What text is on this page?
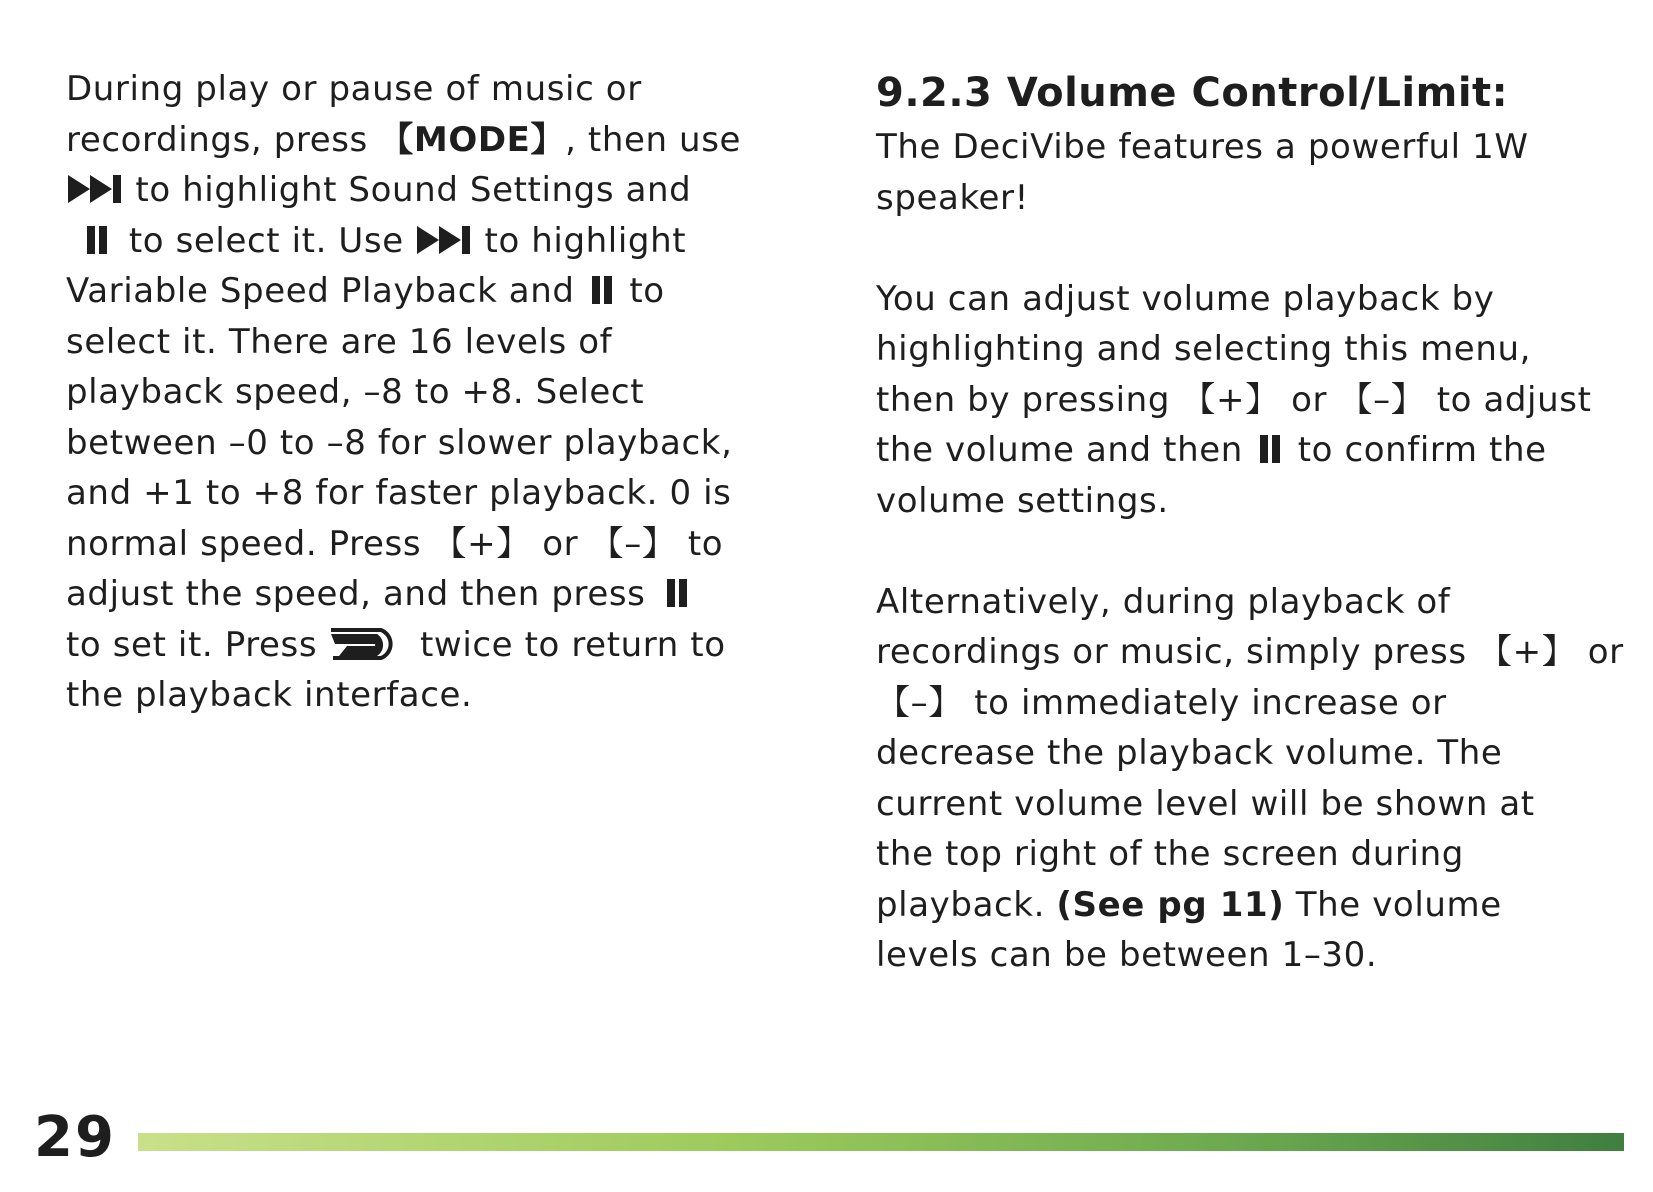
During play or pause of music or
recordings, press 【MODE】, then use
to highlight Sound Settings and

to select it. Use
to highlight
Variable Speed Playback and
to
select it. There are 16 levels of
playback speed, –8 to +8. Select
between –0 to –8 for slower playback,
and +1 to +8 for faster playback. 0 is
normal speed. Press 【+】 or 【–】 to
adjust the speed, and then press
to set it. Press
twice to return to
the playback interface.
9.2.3 Volume Control/Limit:
The DeciVibe features a powerful 1W
speaker!
You can adjust volume playback by
highlighting and selecting this menu,
then by pressing 【+】 or 【–】 to adjust
the volume and then
to confirm the
volume settings.
Alternatively, during playback of
recordings or music, simply press 【+】 or
【–】 to immediately increase or
decrease the playback volume. The
current volume level will be shown at
the top right of the screen during
playback. (See pg 11) The volume
levels can be between 1–30.
29
